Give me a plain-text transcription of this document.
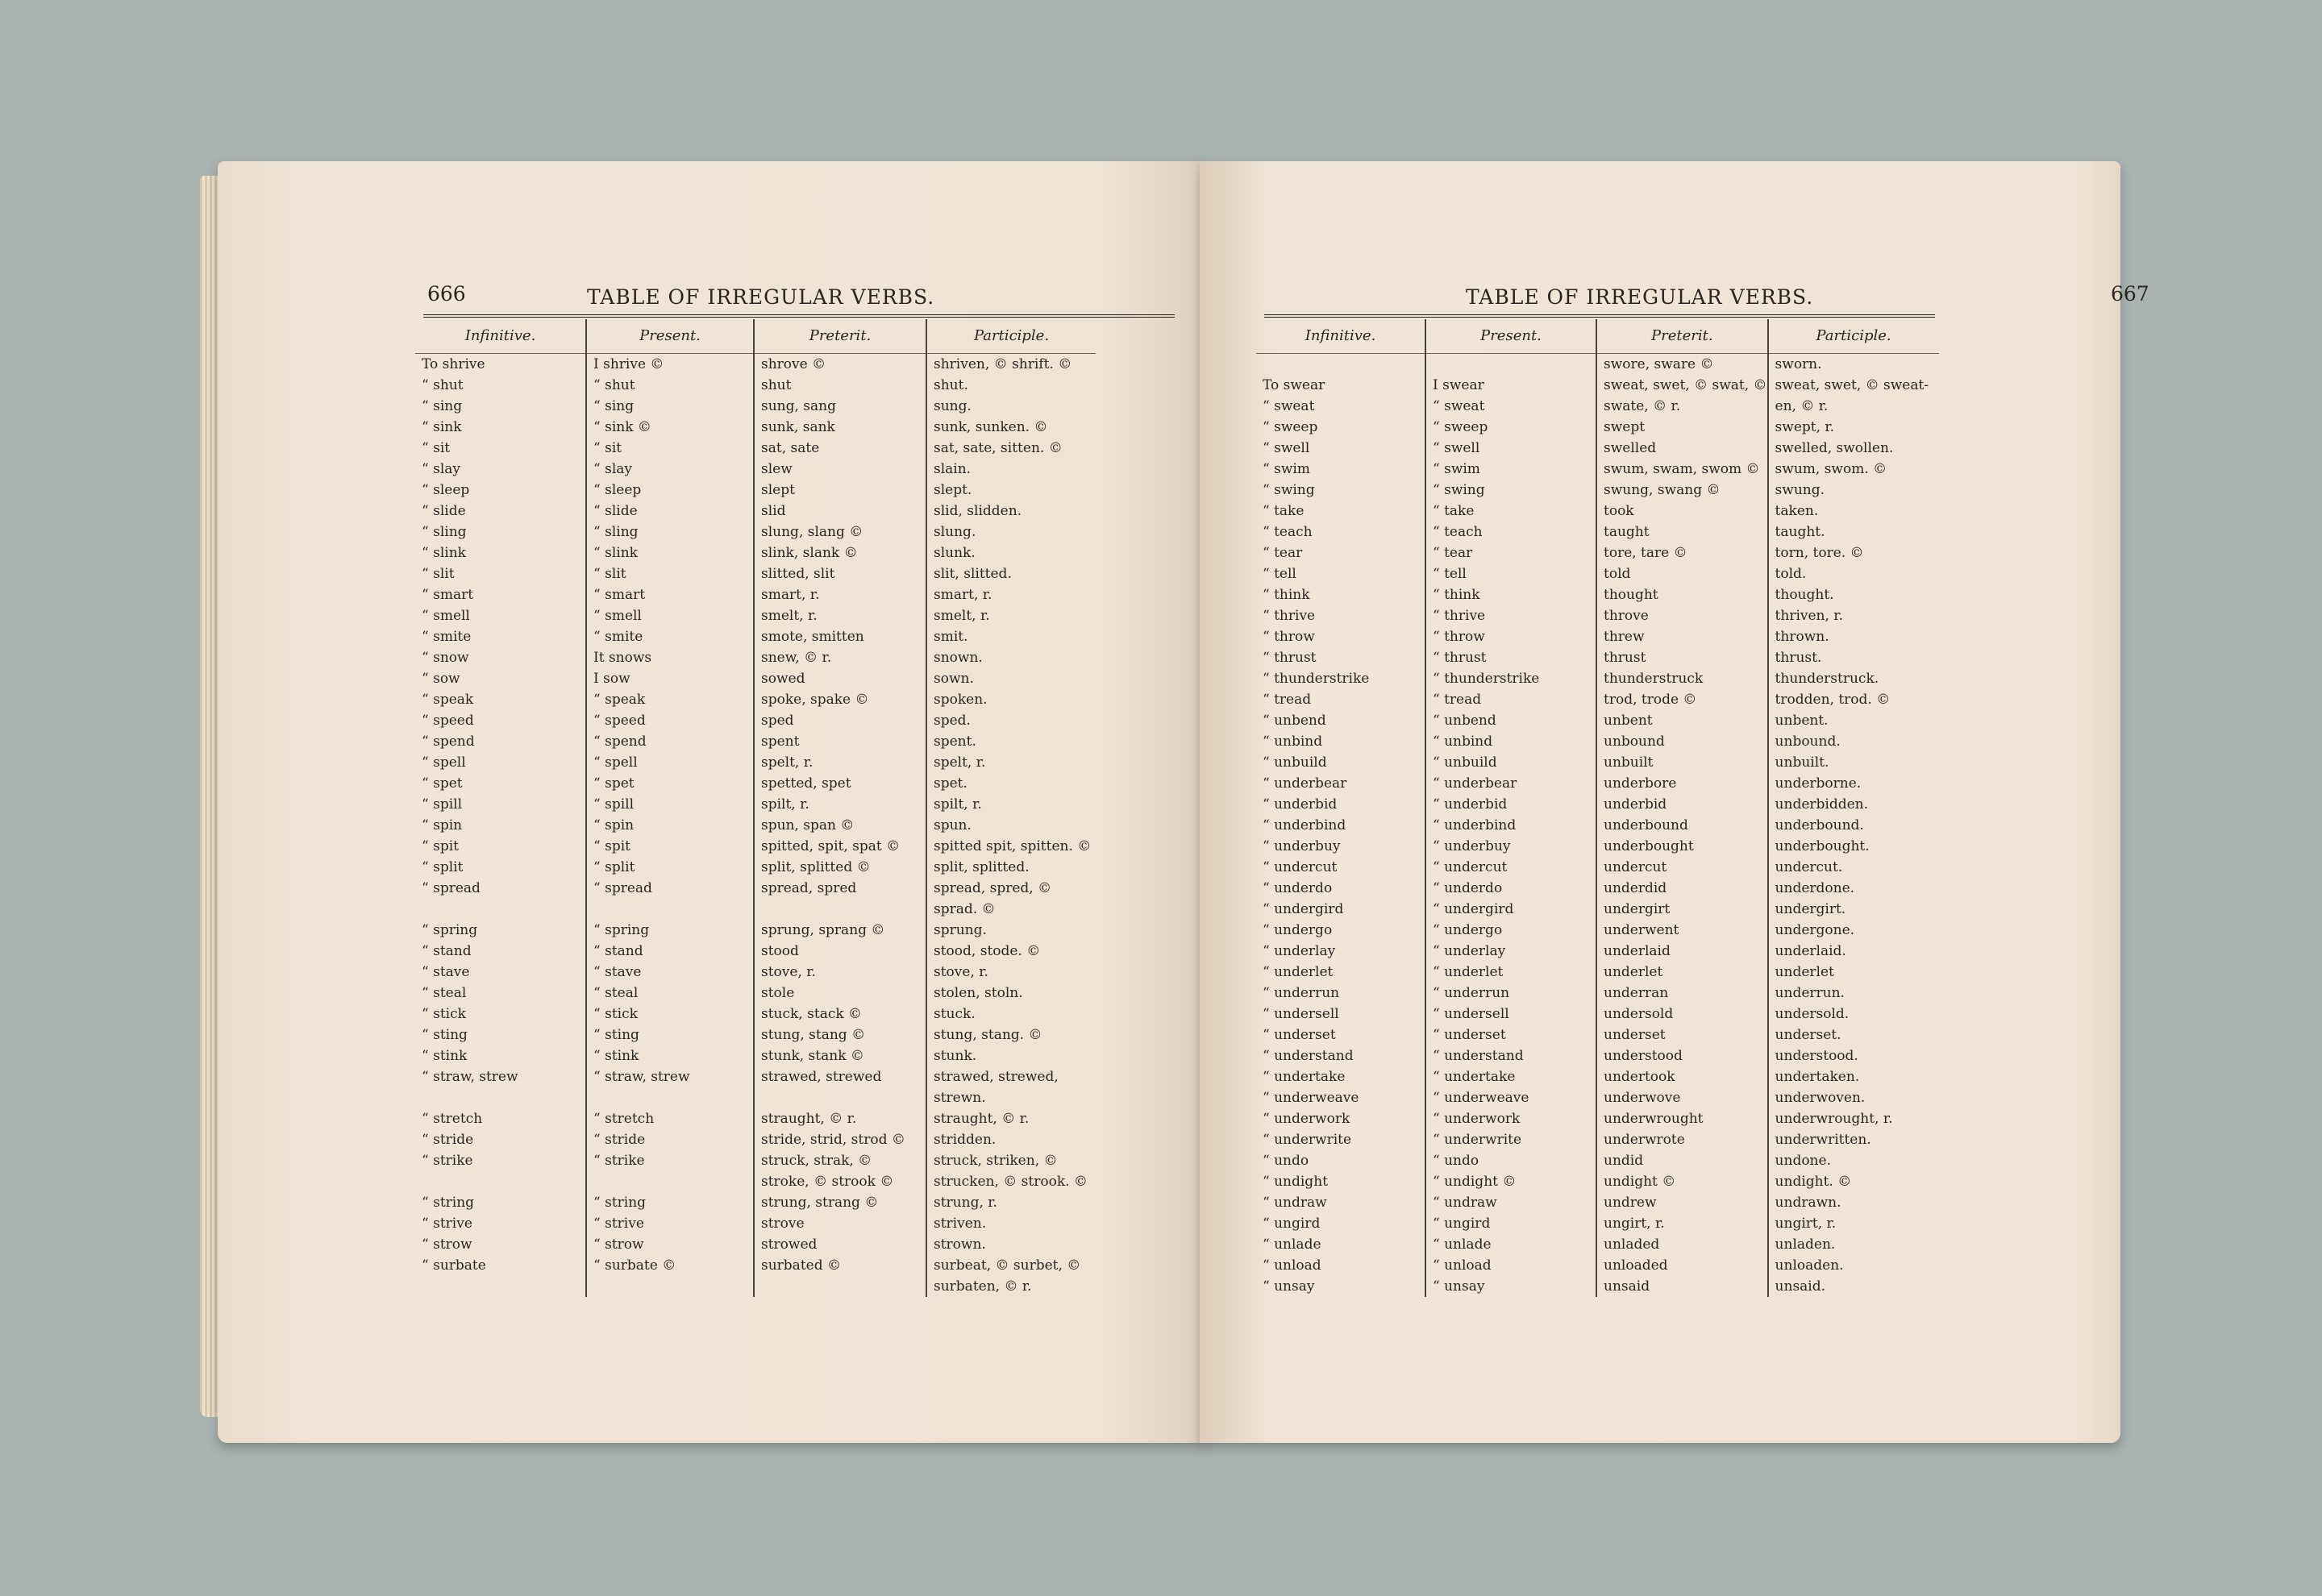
666	TABLE OF IRREGULAR VERBS.
Infinitive.	Present.	Preterit.	Participle.
To shrive	I shrive ©	shrove ©	shriven, © shrift. ©
“ shut	“ shut	shut	shut.
“ sing	“ sing	sung, sang	sung.
“ sink	“ sink ©	sunk, sank	sunk, sunken. ©
“ sit	“ sit	sat, sate	sat, sate, sitten. ©
“ slay	“ slay	slew	slain.
“ sleep	“ sleep	slept	slept.
“ slide	“ slide	slid	slid, slidden.
“ sling	“ sling	slung, slang ©	slung.
“ slink	“ slink	slink, slank ©	slunk.
“ slit	“ slit	slitted, slit	slit, slitted.
“ smart	“ smart	smart, r.	smart, r.
“ smell	“ smell	smelt, r.	smelt, r.
“ smite	“ smite	smote, smitten	smit.
“ snow	It snows	snew, © r.	snown.
“ sow	I sow	sowed	sown.
“ speak	“ speak	spoke, spake ©	spoken.
“ speed	“ speed	sped	sped.
“ spend	“ spend	spent	spent.
“ spell	“ spell	spelt, r.	spelt, r.
“ spet	“ spet	spetted, spet	spet.
“ spill	“ spill	spilt, r.	spilt, r.
“ spin	“ spin	spun, span ©	spun.
“ spit	“ spit	spitted, spit, spat ©	spitted spit, spitten. ©
“ split	“ split	split, splitted ©	split, splitted.
“ spread	“ spread	spread, spred	spread, spred, ©
			sprad. ©
“ spring	“ spring	sprung, sprang ©	sprung.
“ stand	“ stand	stood	stood, stode. ©
“ stave	“ stave	stove, r.	stove, r.
“ steal	“ steal	stole	stolen, stoln.
“ stick	“ stick	stuck, stack ©	stuck.
“ sting	“ sting	stung, stang ©	stung, stang. ©
“ stink	“ stink	stunk, stank ©	stunk.
“ straw, strew	“ straw, strew	strawed, strewed	strawed, strewed,
			strewn.
“ stretch	“ stretch	straught, © r.	straught, © r.
“ stride	“ stride	stride, strid, strod ©	stridden.
“ strike	“ strike	struck, strak, ©	struck, striken, ©
		stroke, © strook ©	strucken, © strook. ©
“ string	“ string	strung, strang ©	strung, r.
“ strive	“ strive	strove	striven.
“ strow	“ strow	strowed	strown.
“ surbate	“ surbate ©	surbated ©	surbeat, © surbet, ©
			surbaten, © r.
TABLE OF IRREGULAR VERBS.	667
Infinitive.	Present.	Preterit.	Participle.
		swore, sware ©	sworn.
To swear	I swear	sweat, swet, © swat, ©	sweat, swet, © sweat-
“ sweat	“ sweat	swate, © r.	en, © r.

“ sweep	“ sweep	swept	swept, r.
“ swell	“ swell	swelled	swelled, swollen.
“ swim	“ swim	swum, swam, swom ©	swum, swom. ©
“ swing	“ swing	swung, swang ©	swung.
“ take	“ take	took	taken.
“ teach	“ teach	taught	taught.
“ tear	“ tear	tore, tare ©	torn, tore. ©
“ tell	“ tell	told	told.
“ think	“ think	thought	thought.
“ thrive	“ thrive	throve	thriven, r.
“ throw	“ throw	threw	thrown.
“ thrust	“ thrust	thrust	thrust.
“ thunderstrike	“ thunderstrike	thunderstruck	thunderstruck.
“ tread	“ tread	trod, trode ©	trodden, trod. ©
“ unbend	“ unbend	unbent	unbent.
“ unbind	“ unbind	unbound	unbound.
“ unbuild	“ unbuild	unbuilt	unbuilt.
“ underbear	“ underbear	underbore	underborne.
“ underbid	“ underbid	underbid	underbidden.
“ underbind	“ underbind	underbound	underbound.
“ underbuy	“ underbuy	underbought	underbought.
“ undercut	“ undercut	undercut	undercut.
“ underdo	“ underdo	underdid	underdone.
“ undergird	“ undergird	undergirt	undergirt.
“ undergo	“ undergo	underwent	undergone.
“ underlay	“ underlay	underlaid	underlaid.
“ underlet	“ underlet	underlet	underlet
“ underrun	“ underrun	underran	underrun.
“ undersell	“ undersell	undersold	undersold.
“ underset	“ underset	underset	underset.
“ understand	“ understand	understood	understood.
“ undertake	“ undertake	undertook	undertaken.
“ underweave	“ underweave	underwove	underwoven.
“ underwork	“ underwork	underwrought	underwrought, r.
“ underwrite	“ underwrite	underwrote	underwritten.
“ undo	“ undo	undid	undone.
“ undight	“ undight ©	undight ©	undight. ©
“ undraw	“ undraw	undrew	undrawn.
“ ungird	“ ungird	ungirt, r.	ungirt, r.
“ unlade	“ unlade	unladed	unladen.
“ unload	“ unload	unloaded	unloaden.
“ unsay	“ unsay	unsaid	unsaid.
